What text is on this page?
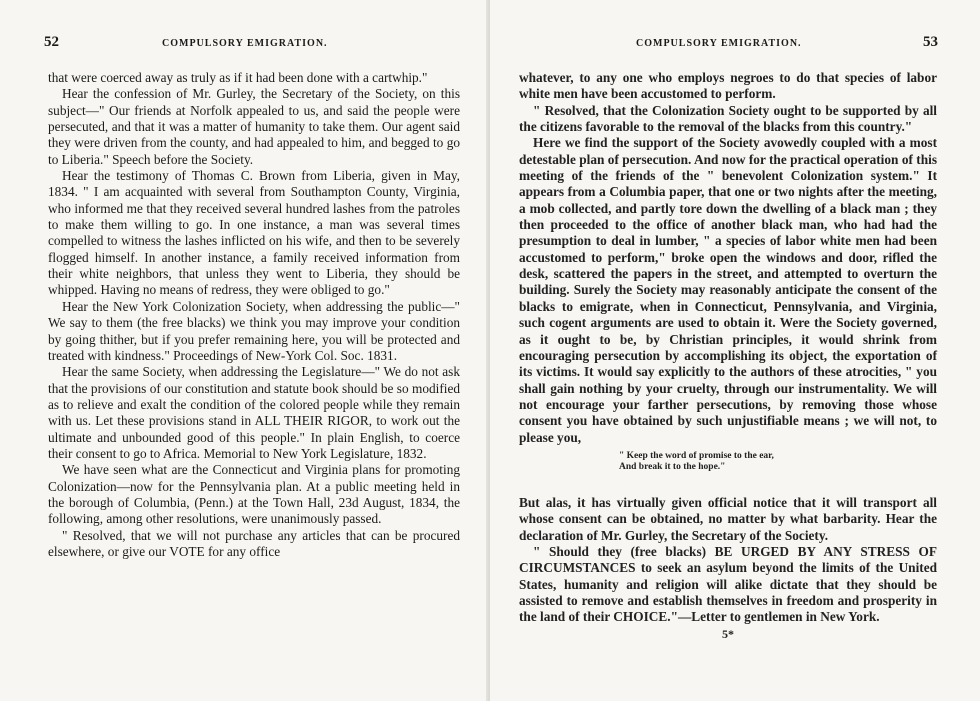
52	COMPULSORY EMIGRATION.

that were coerced away as truly as if it had been done with a cartwhip."

Hear the confession of Mr. Gurley, the Secretary of the Society, on this subject—" Our friends at Norfolk appealed to us, and said the people were persecuted, and that it was a matter of humanity to take them. Our agent said they were driven from the county, and had appealed to him, and begged to go to Liberia." Speech before the Society.

Hear the testimony of Thomas C. Brown from Liberia, given in May, 1834. " I am acquainted with several from Southampton County, Virginia, who informed me that they received several hundred lashes from the patroles to make them willing to go. In one instance, a man was several times compelled to witness the lashes inflicted on his wife, and then to be severely flogged himself. In another instance, a family received information from their white neighbors, that unless they went to Liberia, they should be whipped. Having no means of redress, they were obliged to go."

Hear the New York Colonization Society, when addressing the public—" We say to them (the free blacks) we think you may improve your condition by going thither, but if you prefer remaining here, you will be protected and treated with kindness." Proceedings of New-York Col. Soc. 1831.

Hear the same Society, when addressing the Legislature—" We do not ask that the provisions of our constitution and statute book should be so modified as to relieve and exalt the condition of the colored people while they remain with us. Let these provisions stand in ALL THEIR RIGOR, to work out the ultimate and unbounded good of this people." In plain English, to coerce their consent to go to Africa. Memorial to New York Legislature, 1832.

We have seen what are the Connecticut and Virginia plans for promoting Colonization—now for the Pennsylvania plan. At a public meeting held in the borough of Columbia, (Penn.) at the Town Hall, 23d August, 1834, the following, among other resolutions, were unanimously passed.

" Resolved, that we will not purchase any articles that can be procured elsewhere, or give our VOTE for any office

COMPULSORY EMIGRATION.	53

whatever, to any one who employs negroes to do that species of labor white men have been accustomed to perform.

" Resolved, that the Colonization Society ought to be supported by all the citizens favorable to the removal of the blacks from this country."

Here we find the support of the Society avowedly coupled with a most detestable plan of persecution. And now for the practical operation of this meeting of the friends of the " benevolent Colonization system." It appears from a Columbia paper, that one or two nights after the meeting, a mob collected, and partly tore down the dwelling of a black man ; they then proceeded to the office of another black man, who had had the presumption to deal in lumber, " a species of labor white men had been accustomed to perform," broke open the windows and door, rifled the desk, scattered the papers in the street, and attempted to overturn the building. Surely the Society may reasonably anticipate the consent of the blacks to emigrate, when in Connecticut, Pennsylvania, and Virginia, such cogent arguments are used to obtain it. Were the Society governed, as it ought to be, by Christian principles, it would shrink from encouraging persecution by accomplishing its object, the exportation of its victims. It would say explicitly to the authors of these atrocities, " you shall gain nothing by your cruelty, through our instrumentality. We will not encourage your farther persecutions, by removing those whose consent you have obtained by such unjustifiable means ; we will not, to please you,

" Keep the word of promise to the ear,
And break it to the hope."

But alas, it has virtually given official notice that it will transport all whose consent can be obtained, no matter by what barbarity. Hear the declaration of Mr. Gurley, the Secretary of the Society.

" Should they (free blacks) BE URGED BY ANY STRESS OF CIRCUMSTANCES to seek an asylum beyond the limits of the United States, humanity and religion will alike dictate that they should be assisted to remove and establish themselves in freedom and prosperity in the land of their CHOICE."—Letter to gentlemen in New York.

5*
